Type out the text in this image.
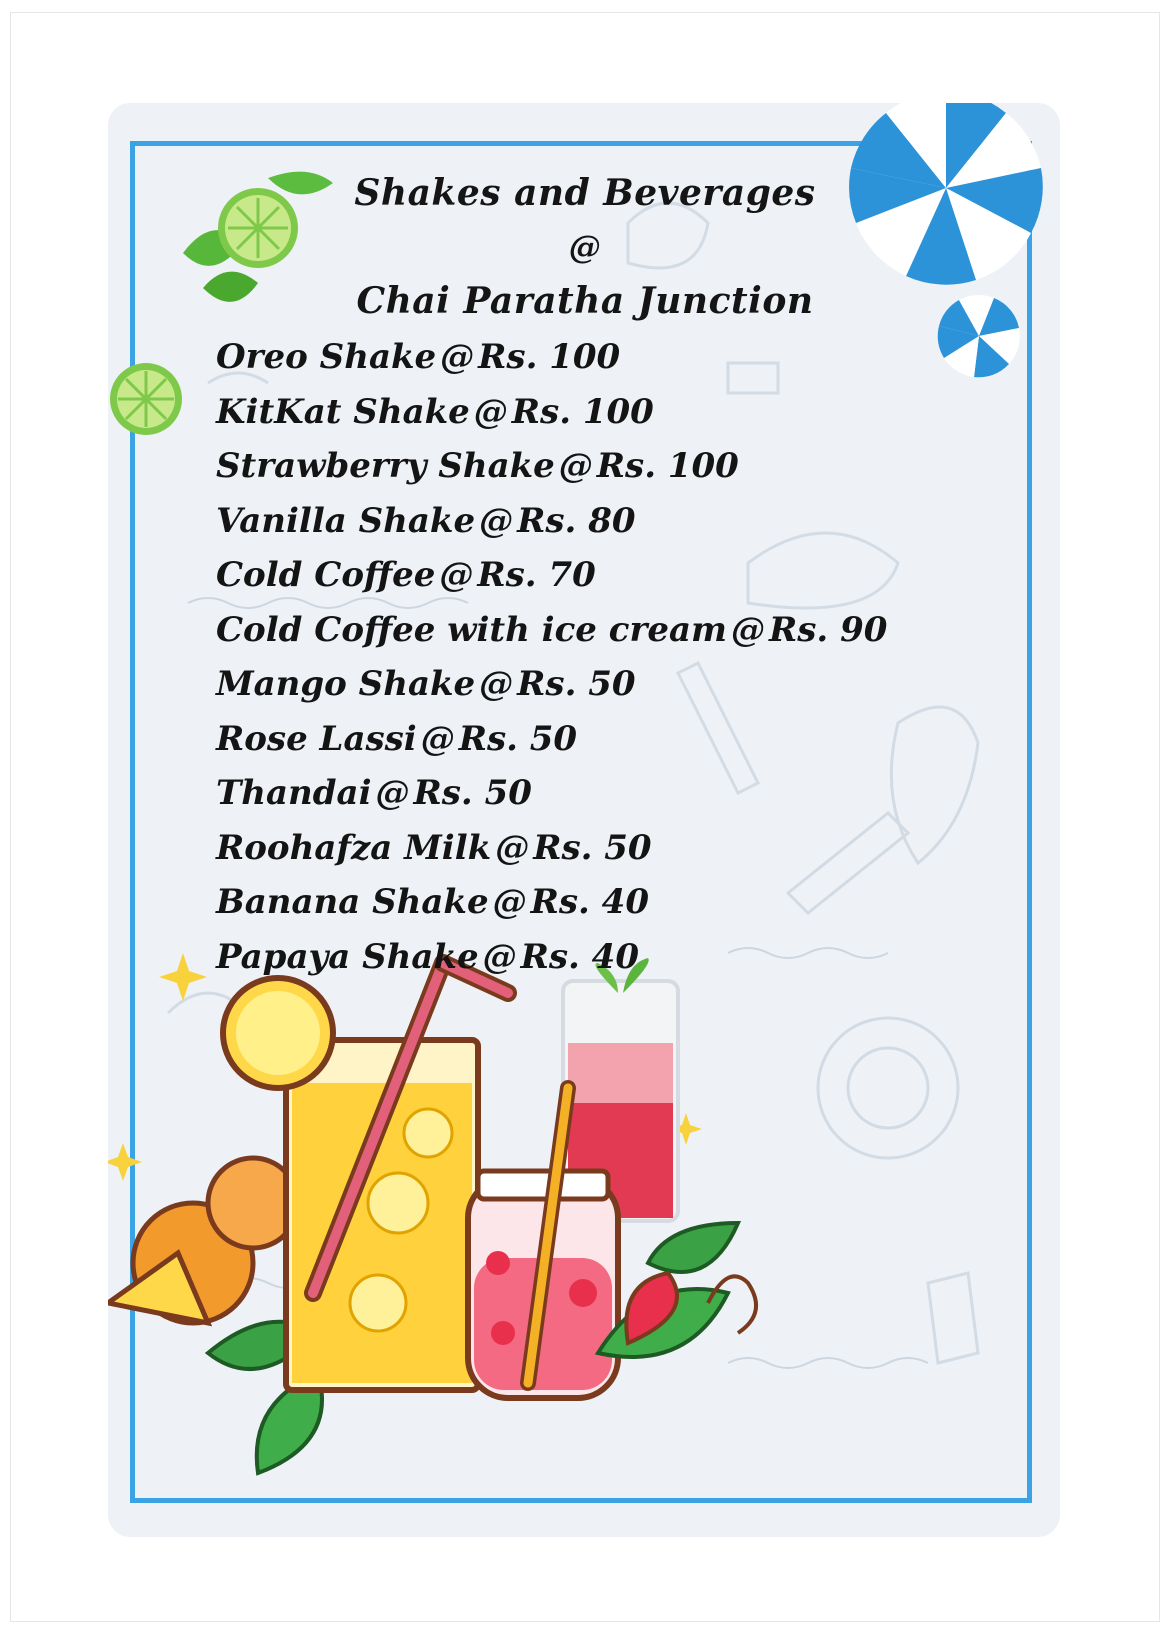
Shakes and Beverages
@
Chai Paratha Junction
Oreo Shake @ Rs. 100
KitKat Shake @ Rs. 100
Strawberry Shake @ Rs. 100
Vanilla Shake @ Rs. 80
Cold Coffee @ Rs. 70
Cold Coffee with ice cream @ Rs. 90
Mango Shake @ Rs. 50
Rose Lassi @ Rs. 50
Thandai @ Rs. 50
Roohafza Milk @ Rs. 50
Banana Shake @ Rs. 40
Papaya Shake @ Rs. 40
